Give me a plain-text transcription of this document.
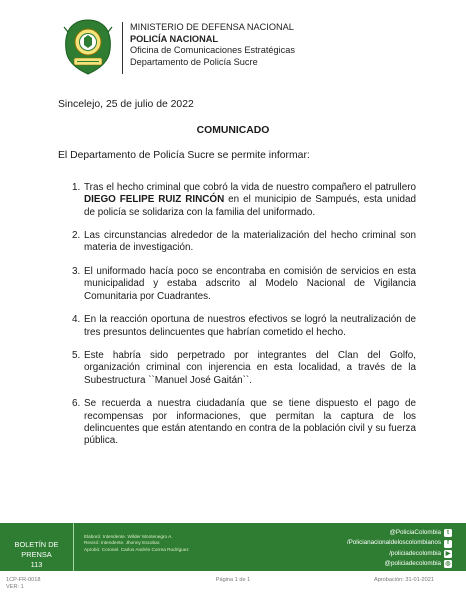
MINISTERIO DE DEFENSA NACIONAL
POLICÍA NACIONAL
Oficina de Comunicaciones Estratégicas
Departamento de Policía Sucre
Sincelejo, 25 de julio de 2022
COMUNICADO
El Departamento de Policía Sucre se permite informar:
1. Tras el hecho criminal que cobró la vida de nuestro compañero el patrullero DIEGO FELIPE RUIZ RINCÓN en el municipio de Sampués, esta unidad de policía se solidariza con la familia del uniformado.
2. Las circunstancias alrededor de la materialización del hecho criminal son materia de investigación.
3. El uniformado hacía poco se encontraba en comisión de servicios en esta municipalidad y estaba adscrito al Modelo Nacional de Vigilancia Comunitaria por Cuadrantes.
4. En la reacción oportuna de nuestros efectivos se logró la neutralización de tres presuntos delincuentes que habrían cometido el hecho.
5. Este habría sido perpetrado por integrantes del Clan del Golfo, organización criminal con injerencia en esta localidad, a través de la Subestructura ``Manuel José Gaitán``.
6. Se recuerda a nuestra ciudadanía que se tiene dispuesto el pago de recompensas por informaciones, que permitan la captura de los delincuentes que están atentando en contra de la población civil y su fuerza pública.
BOLETÍN DE PRENSA
113
Elaboró: Intendente. Wilder Montenegro A.
Revisó: Intendente. Jhonny Escobar.
Aprobó: Coronel. Carlos Andrés Correa Rodríguez
@PoliciaColombia	t
/Policianacionaldeloscolombianos	f
/policiadecolombia ▶
@policiadecolombia ◎
1CP-FR-0018
VER: 1
Página 1 de 1	Aprobación: 31-01-2021
